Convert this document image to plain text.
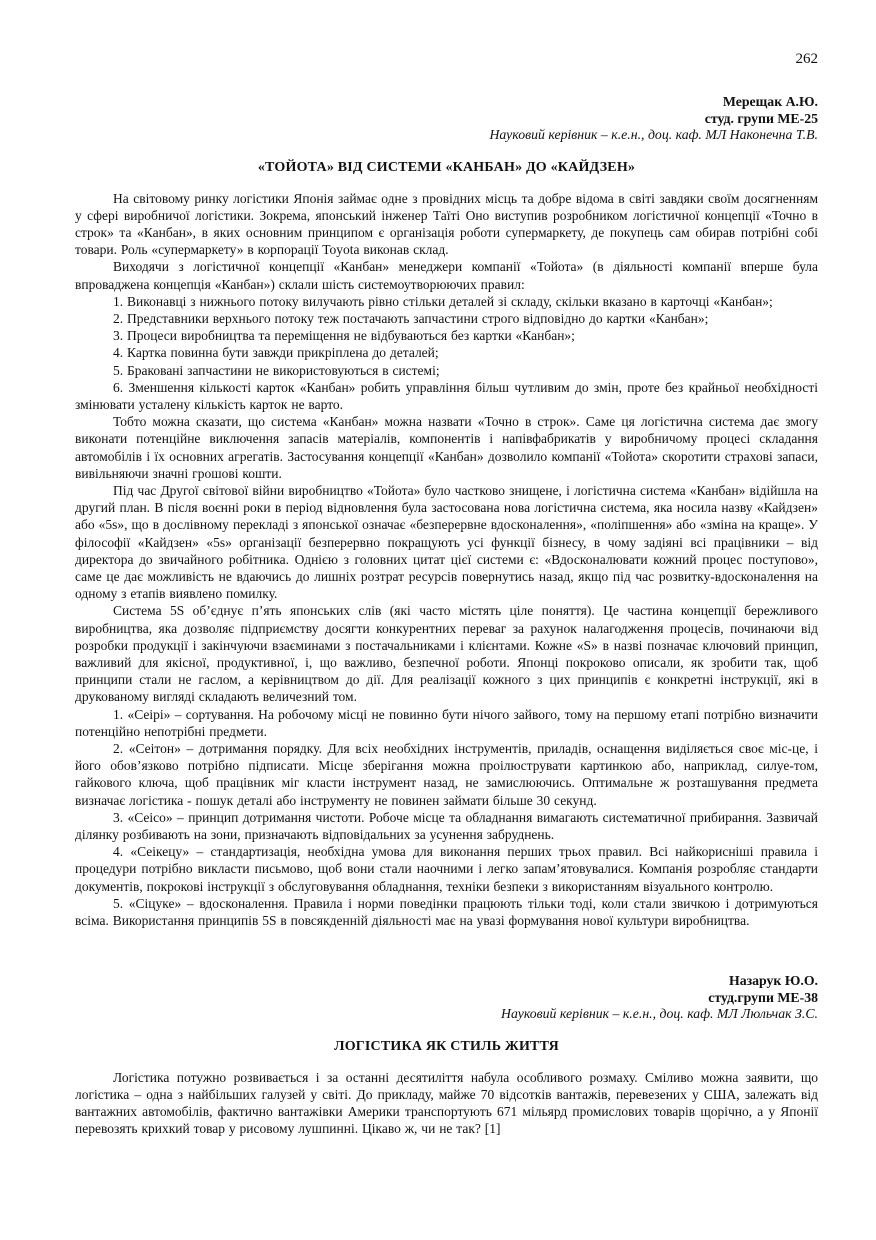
262
Мерещак А.Ю.
студ. групи МЕ-25
Науковий керівник – к.е.н., доц. каф. МЛ Наконечна Т.В.
«ТОЙОТА» ВІД СИСТЕМИ «КАНБАН» ДО «КАЙДЗЕН»

На світовому ринку логістики Японія займає одне з провідних місць та добре відома в світі завдяки своїм досягненням у сфері виробничої логістики. Зокрема, японський інженер Таїті Оно виступив розробником логістичної концепції «Точно в строк» та «Канбан», в яких основним принципом є організація роботи супермаркету, де покупець сам обирав потрібні собі товари. Роль «супермаркету» в корпорації Toyota виконав склад.

Виходячи з логістичної концепції «Канбан» менеджери компанії «Тойота» (в діяльності компанії вперше була впроваджена концепція «Канбан») склали шість системоутворюючих правил:

1. Виконавці з нижнього потоку вилучають рівно стільки деталей зі складу, скільки вказано в карточці «Канбан»;

2. Представники верхнього потоку теж постачають запчастини строго відповідно до картки «Канбан»;

3. Процеси виробництва та переміщення не відбуваються без картки «Канбан»;

4. Картка повинна бути завжди прикріплена до деталей;

5. Браковані запчастини не використовуються в системі;

6. Зменшення кількості карток «Канбан» робить управління більш чутливим до змін, проте без крайньої необхідності змінювати усталену кількість карток не варто.

Тобто можна сказати, що система «Канбан» можна назвати «Точно в строк». Саме ця логістична система дає змогу виконати потенційне виключення запасів матеріалів, компонентів і напівфабрикатів у виробничому процесі складання автомобілів і їх основних агрегатів. Застосування концепції «Канбан» дозволило компанії «Тойота» скоротити страхові запаси, вивільняючи значні грошові кошти.

Під час Другої світової війни виробництво «Тойота» було частково знищене, і логістична система «Канбан» відійшла на другий план. В після воєнні роки в період відновлення була застосована нова логістична система, яка носила назву «Кайдзен» або «5s», що в дослівному перекладі з японської означає «безперервне вдосконалення», «поліпшення» або «зміна на краще». У філософії «Кайдзен» «5s» організації безперервно покращують усі функції бізнесу, в чому задіяні всі працівники – від директора до звичайного робітника. Однією з головних цитат цієї системи є: «Вдосконалювати кожний процес поступово», саме це дає можливість не вдаючись до лишніх розтрат ресурсів повернутись назад, якщо під час розвитку-вдосконалення на одному з етапів виявлено помилку.

Система 5S об’єднує п’ять японських слів (які часто містять ціле поняття). Це частина концепції бережливого виробництва, яка дозволяє підприємству досягти конкурентних переваг за рахунок налагодження процесів, починаючи від розробки продукції і закінчуючи взаєминами з постачальниками і клієнтами. Кожне «S» в назві позначає ключовий принцип, важливий для якісної, продуктивної, і, що важливо, безпечної роботи. Японці покроково описали, як зробити так, щоб принципи стали не гаслом, а керівництвом до дії. Для реалізації кожного з цих принципів є конкретні інструкції, які в друкованому вигляді складають величезний том.

1. «Сеірі» – сортування. На робочому місці не повинно бути нічого зайвого, тому на першому етапі потрібно визначити потенційно непотрібні предмети.

2. «Сеітон» – дотримання порядку. Для всіх необхідних інструментів, приладів, оснащення виділяється своє міс-це, і його обов’язково потрібно підписати. Місце зберігання можна проілюструвати картинкою або, наприклад, силуе-том, гайкового ключа, щоб працівник міг класти інструмент назад, не замислюючись. Оптимальне ж розташування предмета визначає логістика - пошук деталі або інструменту не повинен займати більше 30 секунд.

3. «Сеісо» – принцип дотримання чистоти. Робоче місце та обладнання вимагають систематичної прибирання. Зазвичай ділянку розбивають на зони, призначають відповідальних за усунення забруднень.

4. «Сеікецу» – стандартизація, необхідна умова для виконання перших трьох правил. Всі найкорисніші правила і процедури потрібно викласти письмово, щоб вони стали наочними і легко запам’ятовувалися. Компанія розробляє стандарти документів, покрокові інструкції з обслуговування обладнання, техніки безпеки з використанням візуального контролю.

5. «Сіцуке» – вдосконалення. Правила і норми поведінки працюють тільки тоді, коли стали звичкою і дотримуються всіма. Використання принципів 5S в повсякденній діяльності має на увазі формування нової культури виробництва.

Назарук Ю.О.
студ.групи МЕ-38
Науковий керівник – к.е.н., доц. каф. МЛ Люльчак З.С.
ЛОГІСТИКА ЯК СТИЛЬ ЖИТТЯ

Логістика потужно розвивається і за останні десятиліття набула особливого розмаху. Сміливо можна заявити, що логістика – одна з найбільших галузей у світі. До прикладу, майже 70 відсотків вантажів, перевезених у США, залежать від вантажних автомобілів, фактично вантажівки Америки транспортують 671 мільярд промислових товарів щорічно, а у Японії перевозять крихкий товар у рисовому лушпинні. Цікаво ж, чи не так? [1]
